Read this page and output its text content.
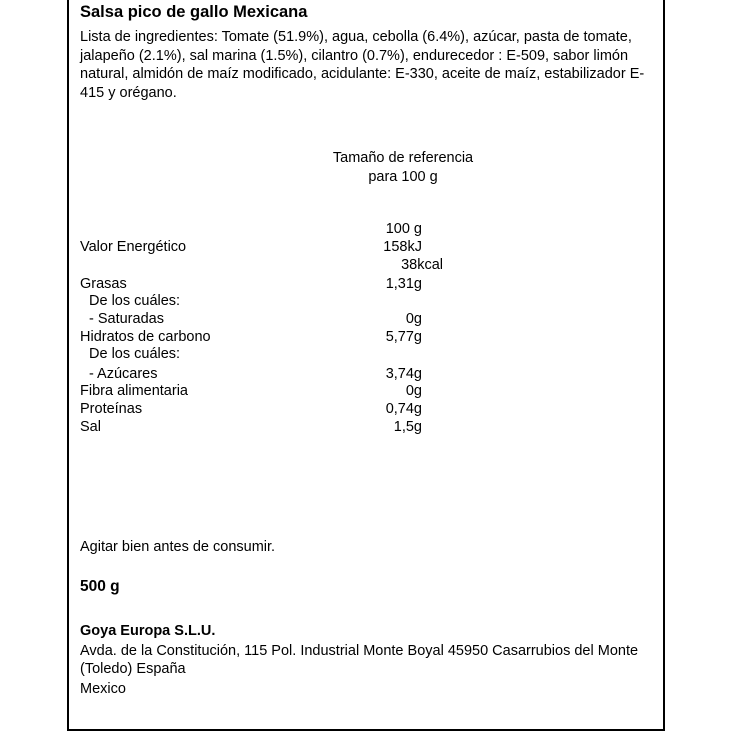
Salsa pico de gallo Mexicana
Lista de ingredientes: Tomate (51.9%), agua, cebolla (6.4%), azúcar, pasta de tomate, jalapeño (2.1%), sal marina (1.5%), cilantro (0.7%), endurecedor : E-509, sabor limón natural, almidón de maíz modificado, acidulante: E-330, aceite de maíz, estabilizador E-415 y orégano.
Tamaño de referencia
para 100 g
100 g
Valor Energético	158kJ
38kcal
Grasas	1,31g
De los cuáles:
- Saturadas	0g
Hidratos de carbono	5,77g
De los cuáles:
- Azúcares	3,74g
Fibra alimentaria	0g
Proteínas	0,74g
Sal	1,5g
Agitar bien antes de consumir.
500 g
Goya Europa S.L.U.
Avda. de la Constitución, 115 Pol. Industrial Monte Boyal 45950 Casarrubios del Monte (Toledo) España
Mexico
